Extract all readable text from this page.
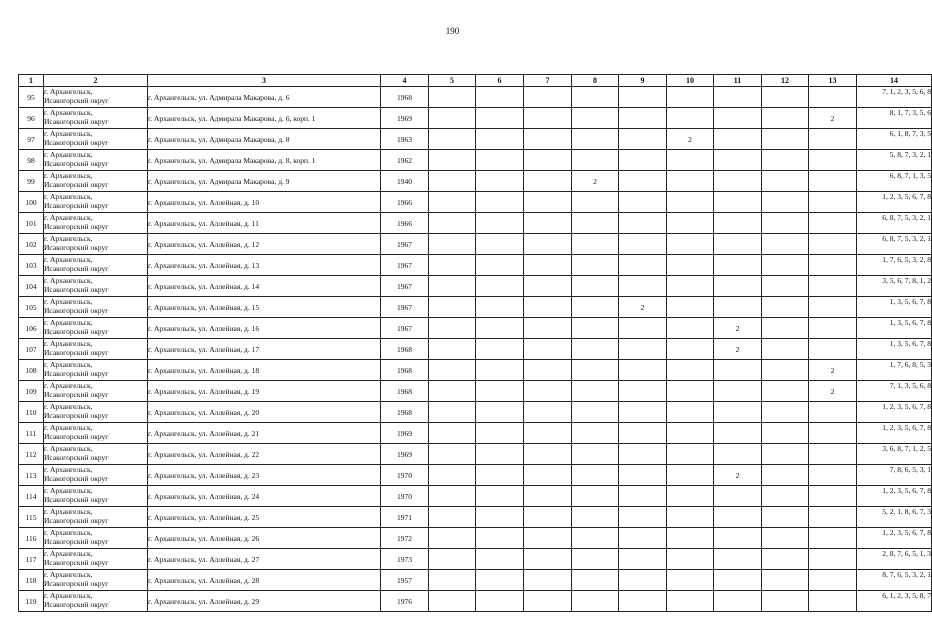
190
1	2	3	4	5	6	7	8	9	10	11	12	13	14
95	г. Архангельск,
Исакогорский округ	г. Архангельск, ул. Адмирала Макарова, д. 6	1968										7, 1, 2, 3, 5, 6, 8
96	г. Архангельск,
Исакогорский округ	г. Архангельск, ул. Адмирала Макарова, д. 6, корп. 1	1969									2	8, 1, 7, 3, 5, 6
97	г. Архангельск,
Исакогорский округ	г. Архангельск, ул. Адмирала Макарова, д. 8	1963						2				6, 1, 8, 7, 3, 5
98	г. Архангельск,
Исакогорский округ	г. Архангельск, ул. Адмирала Макарова, д. 8, корп. 1	1962										5, 8, 7, 3, 2, 1
99	г. Архангельск,
Исакогорский округ	г. Архангельск, ул. Адмирала Макарова, д. 9	1940				2						6, 8, 7, 1, 3, 5
100	г. Архангельск,
Исакогорский округ	г. Архангельск, ул. Аллейная, д. 10	1966										1, 2, 3, 5, 6, 7, 8
101	г. Архангельск,
Исакогорский округ	г. Архангельск, ул. Аллейная, д. 11	1966										6, 8, 7, 5, 3, 2, 1
102	г. Архангельск,
Исакогорский округ	г. Архангельск, ул. Аллейная, д. 12	1967										6, 8, 7, 5, 3, 2, 1
103	г. Архангельск,
Исакогорский округ	г. Архангельск, ул. Аллейная, д. 13	1967										1, 7, 6, 5, 3, 2, 8
104	г. Архангельск,
Исакогорский округ	г. Архангельск, ул. Аллейная, д. 14	1967										3, 5, 6, 7, 8, 1, 2
105	г. Архангельск,
Исакогорский округ	г. Архангельск, ул. Аллейная, д. 15	1967					2					1, 3, 5, 6, 7, 8
106	г. Архангельск,
Исакогорский округ	г. Архангельск, ул. Аллейная, д. 16	1967							2			1, 3, 5, 6, 7, 8
107	г. Архангельск,
Исакогорский округ	г. Архангельск, ул. Аллейная, д. 17	1968							2			1, 3, 5, 6, 7, 8
108	г. Архангельск,
Исакогорский округ	г. Архангельск, ул. Аллейная, д. 18	1968									2	1, 7, 6, 8, 5, 3
109	г. Архангельск,
Исакогорский округ	г. Архангельск, ул. Аллейная, д. 19	1968									2	7, 1, 3, 5, 6, 8
110	г. Архангельск,
Исакогорский округ	г. Архангельск, ул. Аллейная, д. 20	1968										1, 2, 3, 5, 6, 7, 8
111	г. Архангельск,
Исакогорский округ	г. Архангельск, ул. Аллейная, д. 21	1969										1, 2, 3, 5, 6, 7, 8
112	г. Архангельск,
Исакогорский округ	г. Архангельск, ул. Аллейная, д. 22	1969										3, 6, 8, 7, 1, 2, 5
113	г. Архангельск,
Исакогорский округ	г. Архангельск, ул. Аллейная, д. 23	1970							2			7, 8, 6, 5, 3, 1
114	г. Архангельск,
Исакогорский округ	г. Архангельск, ул. Аллейная, д. 24	1970										1, 2, 3, 5, 6, 7, 8
115	г. Архангельск,
Исакогорский округ	г. Архангельск, ул. Аллейная, д. 25	1971										5, 2, 1, 8, 6, 7, 3
116	г. Архангельск,
Исакогорский округ	г. Архангельск, ул. Аллейная, д. 26	1972										1, 2, 3, 5, 6, 7, 8
117	г. Архангельск,
Исакогорский округ	г. Архангельск, ул. Аллейная, д. 27	1973										2, 8, 7, 6, 5, 1, 3
118	г. Архангельск,
Исакогорский округ	г. Архангельск, ул. Аллейная, д. 28	1957										8, 7, 6, 5, 3, 2, 1
119	г. Архангельск,
Исакогорский округ	г. Архангельск, ул. Аллейная, д. 29	1976										6, 1, 2, 3, 5, 8, 7
